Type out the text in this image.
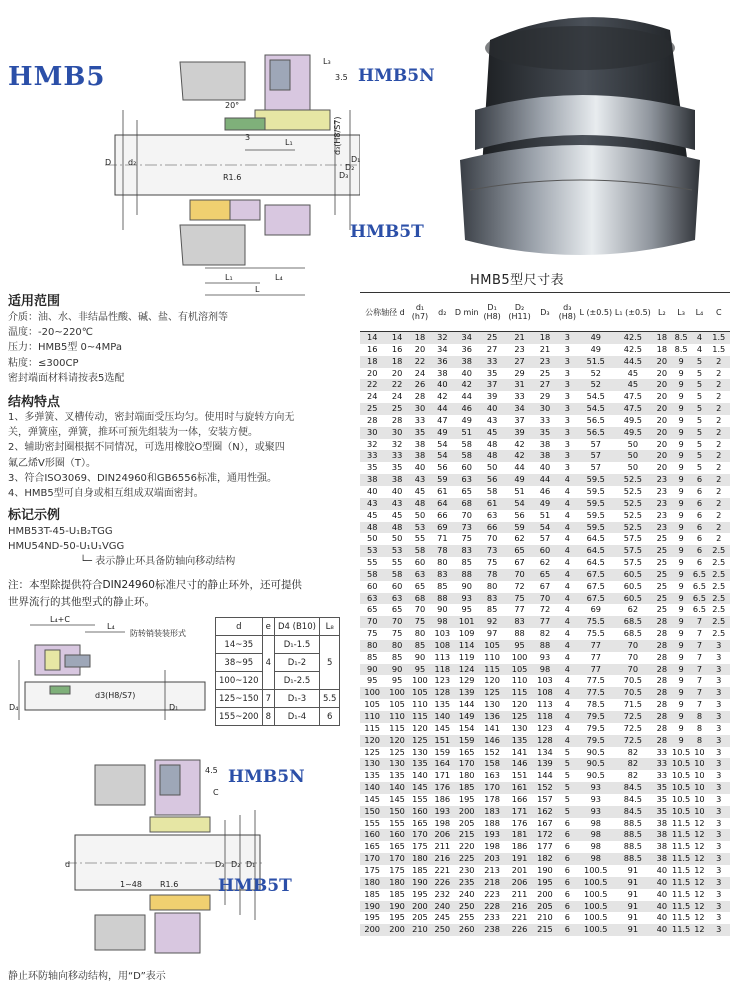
HMB5
L₃
3.5
20°
3
L₁
D d₂
d₃(H8/S7)
D₃
D₂
D₁
R1.6
L₄
L₁
L
HMB5N
HMB5T
适用范围
介质：油、水、非结晶性酸、碱、盐、有机溶剂等
温度：-20~220℃
压力：HMB5型 0~4MPa
粘度：≤300CP
密封端面材料请按表5选配
结构特点
1、多弹簧、叉槽传动，密封端面受压均匀。使用时与旋转方向无
关，弹簧座，弹簧，推环可预先组装为一体，安装方便。
2、辅助密封圈根据不同情况，可选用橡胶O型圈（N），或聚四
氟乙烯V形圈（T）。
3、符合ISO3069、DIN24960和GB6556标准，通用性强。
4、HMB5型可自身或相互组成双端面密封。
标记示例
HMB53T-45-U₁B₂TGG
HMU54ND-50-U₁U₁VGG
└─ 表示静止环具备防轴向移动结构
注：本型除提供符合DIN24960标准尺寸的静止环外，还可提供
世界流行的其他型式的静止环。
L₄+C
L₄
防转销装装形式
d3(H8/S7)
D₄	D₁
d	e	D4 (B10)	L₈
14~35	4	D₁-1.5	5
38~95		D₁-2	
100~120		D₁-2.5	
125~150	7	D₁-3	5.5
155~200	8	D₁-4	6
4.5
C
d	D₃ D₂ D₁
1~48 R1.6
HMB5N
HMB5T
静止环防轴向移动结构，用“D”表示
HMB5型尺寸表
公称轴径 d		d₁ (h7)	d₂	D min	D₁ (H8)	D₂ (H11)	D₃	d₃ (H8)	L (±0.5)	L₁ (±0.5)	L₂	L₃	L₄	C
14	14	18	32	34	25	21	18	3	49	42.5	18	8.5	4	1.5
16	16	20	34	36	27	23	21	3	49	42.5	18	8.5	4	1.5
18	18	22	36	38	33	27	23	3	51.5	44.5	20	9	5	2
20	20	24	38	40	35	29	25	3	52	45	20	9	5	2
22	22	26	40	42	37	31	27	3	52	45	20	9	5	2
24	24	28	42	44	39	33	29	3	54.5	47.5	20	9	5	2
25	25	30	44	46	40	34	30	3	54.5	47.5	20	9	5	2
28	28	33	47	49	43	37	33	3	56.5	49.5	20	9	5	2
30	30	35	49	51	45	39	35	3	56.5	49.5	20	9	5	2
32	32	38	54	58	48	42	38	3	57	50	20	9	5	2
33	33	38	54	58	48	42	38	3	57	50	20	9	5	2
35	35	40	56	60	50	44	40	3	57	50	20	9	5	2
38	38	43	59	63	56	49	44	4	59.5	52.5	23	9	6	2
40	40	45	61	65	58	51	46	4	59.5	52.5	23	9	6	2
43	43	48	64	68	61	54	49	4	59.5	52.5	23	9	6	2
45	45	50	66	70	63	56	51	4	59.5	52.5	23	9	6	2
48	48	53	69	73	66	59	54	4	59.5	52.5	23	9	6	2
50	50	55	71	75	70	62	57	4	64.5	57.5	25	9	6	2
53	53	58	78	83	73	65	60	4	64.5	57.5	25	9	6	2.5
55	55	60	80	85	75	67	62	4	64.5	57.5	25	9	6	2.5
58	58	63	83	88	78	70	65	4	67.5	60.5	25	9	6.5	2.5
60	60	65	85	90	80	72	67	4	67.5	60.5	25	9	6.5	2.5
63	63	68	88	93	83	75	70	4	67.5	60.5	25	9	6.5	2.5
65	65	70	90	95	85	77	72	4	69	62	25	9	6.5	2.5
70	70	75	98	101	92	83	77	4	75.5	68.5	28	9	7	2.5
75	75	80	103	109	97	88	82	4	75.5	68.5	28	9	7	2.5
80	80	85	108	114	105	95	88	4	77	70	28	9	7	3
85	85	90	113	119	110	100	93	4	77	70	28	9	7	3
90	90	95	118	124	115	105	98	4	77	70	28	9	7	3
95	95	100	123	129	120	110	103	4	77.5	70.5	28	9	7	3
100	100	105	128	139	125	115	108	4	77.5	70.5	28	9	7	3
105	105	110	135	144	130	120	113	4	78.5	71.5	28	9	7	3
110	110	115	140	149	136	125	118	4	79.5	72.5	28	9	8	3
115	115	120	145	154	141	130	123	4	79.5	72.5	28	9	8	3
120	120	125	151	159	146	135	128	4	79.5	72.5	28	9	8	3
125	125	130	159	165	152	141	134	5	90.5	82	33	10.5	10	3
130	130	135	164	170	158	146	139	5	90.5	82	33	10.5	10	3
135	135	140	171	180	163	151	144	5	90.5	82	33	10.5	10	3
140	140	145	176	185	170	161	152	5	93	84.5	35	10.5	10	3
145	145	155	186	195	178	166	157	5	93	84.5	35	10.5	10	3
150	150	160	193	200	183	171	162	5	93	84.5	35	10.5	10	3
155	155	165	198	205	188	176	167	6	98	88.5	38	11.5	12	3
160	160	170	206	215	193	181	172	6	98	88.5	38	11.5	12	3
165	165	175	211	220	198	186	177	6	98	88.5	38	11.5	12	3
170	170	180	216	225	203	191	182	6	98	88.5	38	11.5	12	3
175	175	185	221	230	213	201	190	6	100.5	91	40	11.5	12	3
180	180	190	226	235	218	206	195	6	100.5	91	40	11.5	12	3
185	185	195	232	240	223	211	200	6	100.5	91	40	11.5	12	3
190	190	200	240	250	228	216	205	6	100.5	91	40	11.5	12	3
195	195	205	245	255	233	221	210	6	100.5	91	40	11.5	12	3
200	200	210	250	260	238	226	215	6	100.5	91	40	11.5	12	3
